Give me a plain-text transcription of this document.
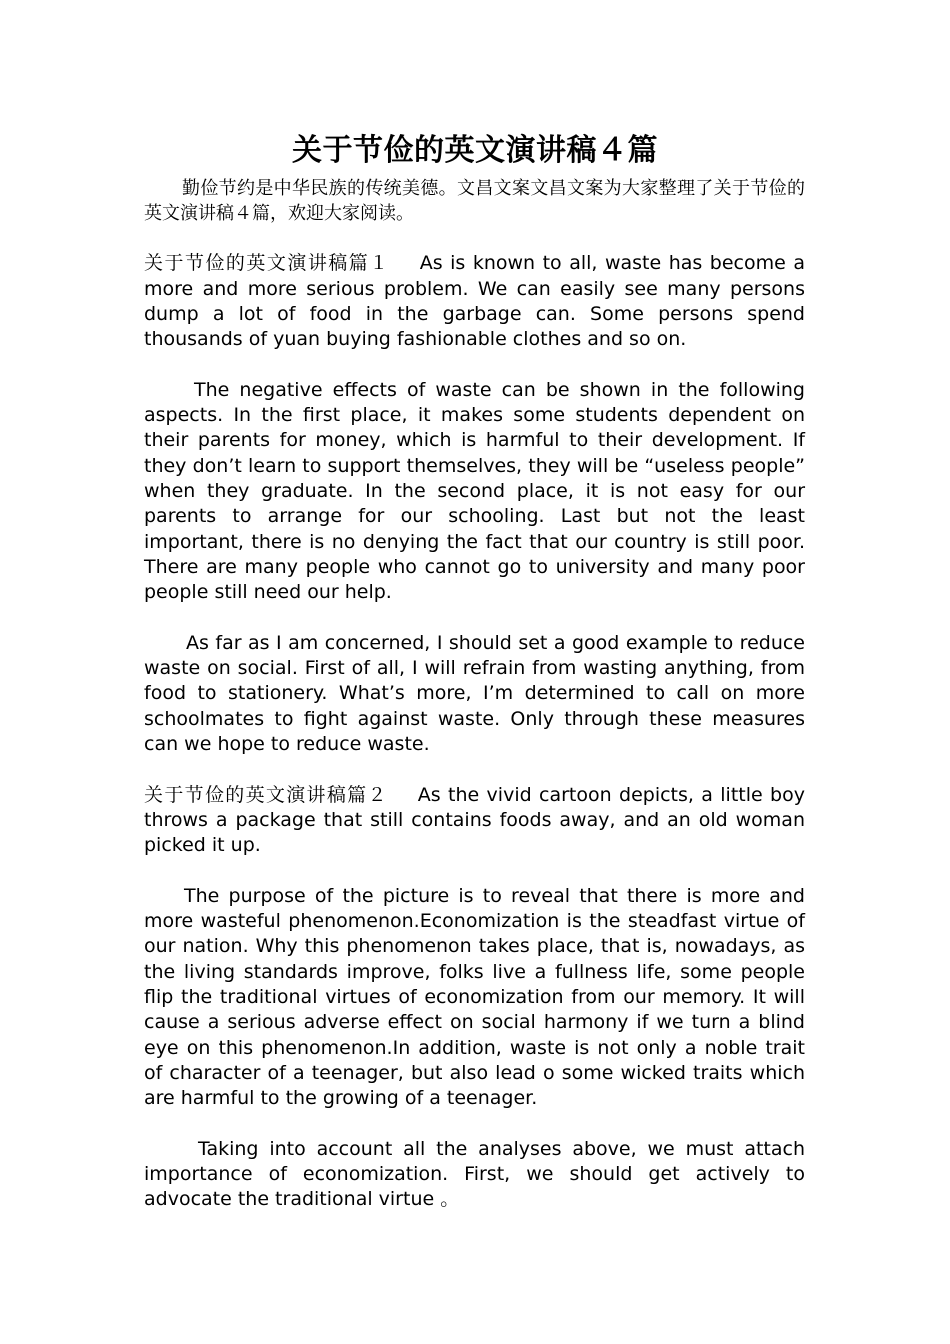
关于节俭的英文演讲稿４篇

勤俭节约是中华民族的传统美德。文昌文案文昌文案为大家整理了关于节俭的英文演讲稿４篇，欢迎大家阅读。

关于节俭的英文演讲稿篇１ As is known to all, waste has become a more and more serious problem. We can easily see many persons dump a lot of food in the garbage can. Some persons spend thousands of yuan buying fashionable clothes and so on.

The negative effects of waste can be shown in the following aspects. In the first place, it makes some students dependent on their parents for money, which is harmful to their development. If they don’t learn to support themselves, they will be “useless people” when they graduate. In the second place, it is not easy for our parents to arrange for our schooling. Last but not the least important, there is no denying the fact that our country is still poor. There are many people who cannot go to university and many poor people still need our help.

As far as I am concerned, I should set a good example to reduce waste on social. First of all, I will refrain from wasting anything, from food to stationery. What’s more, I’m determined to call on more schoolmates to fight against waste. Only through these measures can we hope to reduce waste.

关于节俭的英文演讲稿篇２ As the vivid cartoon depicts, a little boy throws a package that still contains foods away, and an old woman picked it up.

The purpose of the picture is to reveal that there is more and more wasteful phenomenon.Economization is the steadfast virtue of our nation. Why this phenomenon takes place, that is, nowadays, as the living standards improve, folks live a fullness life, some people flip the traditional virtues of economization from our memory. It will cause a serious adverse effect on social harmony if we turn a blind eye on this phenomenon.In addition, waste is not only a noble trait of character of a teenager, but also lead o some wicked traits which are harmful to the growing of a teenager.

Taking into account all the analyses above, we must attach importance of economization. First, we should get actively to advocate the traditional virtue 。
